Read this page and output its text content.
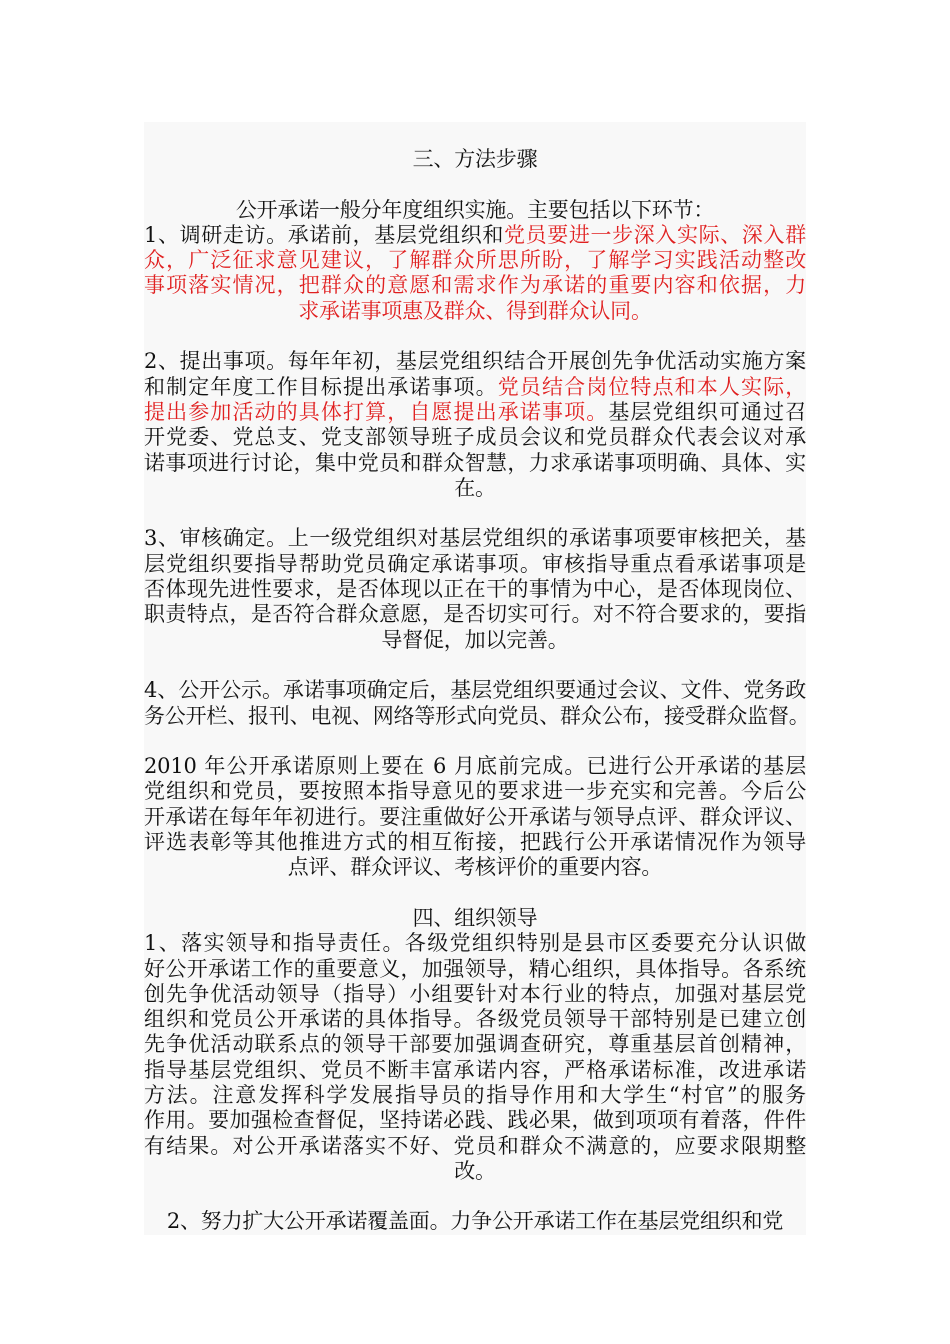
三、方法步骤
公开承诺一般分年度组织实施。主要包括以下环节：
1、调研走访。承诺前，基层党组织和党员要进一步深入实际、深入群
众，广泛征求意见建议，了解群众所思所盼，了解学习实践活动整改
事项落实情况，把群众的意愿和需求作为承诺的重要内容和依据，力
求承诺事项惠及群众、得到群众认同。
2、提出事项。每年年初，基层党组织结合开展创先争优活动实施方案
和制定年度工作目标提出承诺事项。党员结合岗位特点和本人实际，
提出参加活动的具体打算，自愿提出承诺事项。基层党组织可通过召
开党委、党总支、党支部领导班子成员会议和党员群众代表会议对承
诺事项进行讨论，集中党员和群众智慧，力求承诺事项明确、具体、实
在。
3、审核确定。上一级党组织对基层党组织的承诺事项要审核把关，基
层党组织要指导帮助党员确定承诺事项。审核指导重点看承诺事项是
否体现先进性要求，是否体现以正在干的事情为中心，是否体现岗位、
职责特点，是否符合群众意愿，是否切实可行。对不符合要求的，要指
导督促，加以完善。
4、公开公示。承诺事项确定后，基层党组织要通过会议、文件、党务政
务公开栏、报刊、电视、网络等形式向党员、群众公布，接受群众监督。
2010 年公开承诺原则上要在 6 月底前完成。已进行公开承诺的基层
党组织和党员，要按照本指导意见的要求进一步充实和完善。今后公
开承诺在每年年初进行。要注重做好公开承诺与领导点评、群众评议、
评选表彰等其他推进方式的相互衔接，把践行公开承诺情况作为领导
点评、群众评议、考核评价的重要内容。
四、组织领导
1、落实领导和指导责任。各级党组织特别是县市区委要充分认识做
好公开承诺工作的重要意义，加强领导，精心组织，具体指导。各系统
创先争优活动领导（指导）小组要针对本行业的特点，加强对基层党
组织和党员公开承诺的具体指导。各级党员领导干部特别是已建立创
先争优活动联系点的领导干部要加强调查研究，尊重基层首创精神，
指导基层党组织、党员不断丰富承诺内容，严格承诺标准，改进承诺
方法。注意发挥科学发展指导员的指导作用和大学生“村官”的服务
作用。要加强检查督促，坚持诺必践、践必果，做到项项有着落，件件
有结果。对公开承诺落实不好、党员和群众不满意的，应要求限期整
改。
2、努力扩大公开承诺覆盖面。力争公开承诺工作在基层党组织和党
